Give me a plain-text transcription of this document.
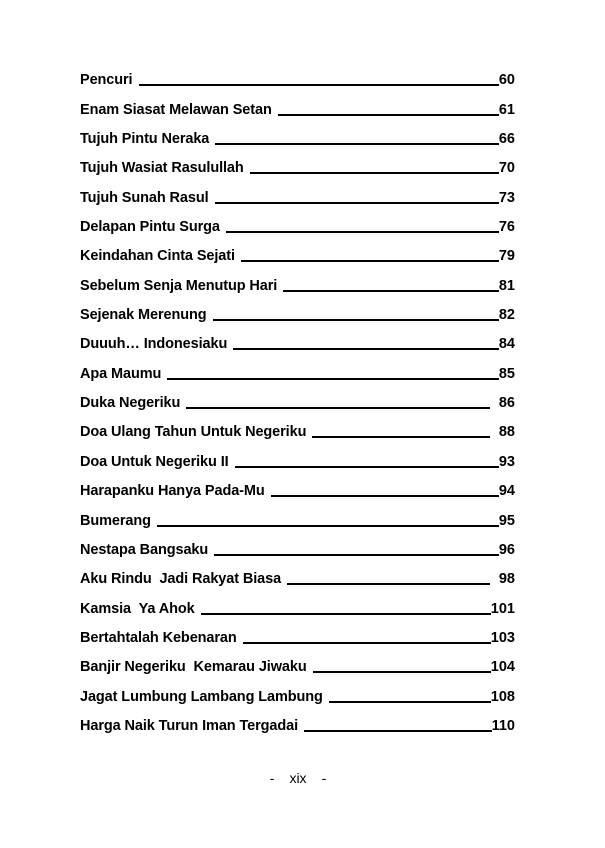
Pencuri	60
Enam Siasat Melawan Setan	61
Tujuh Pintu Neraka	66
Tujuh Wasiat Rasulullah	70
Tujuh Sunah Rasul	73
Delapan Pintu Surga	76
Keindahan Cinta Sejati	79
Sebelum Senja Menutup Hari	81
Sejenak Merenung	82
Duuuh… Indonesiaku	84
Apa Maumu	85
Duka Negeriku	86
Doa Ulang Tahun Untuk Negeriku	88
Doa Untuk Negeriku II	93
Harapanku Hanya Pada-Mu	94
Bumerang	95
Nestapa Bangsaku	96
Aku Rindu  Jadi Rakyat Biasa	98
Kamsia  Ya Ahok	101
Bertahtalah Kebenaran	103
Banjir Negeriku  Kemarau Jiwaku	104
Jagat Lumbung Lambang Lambung	108
Harga Naik Turun Iman Tergadai	110
- xix -
